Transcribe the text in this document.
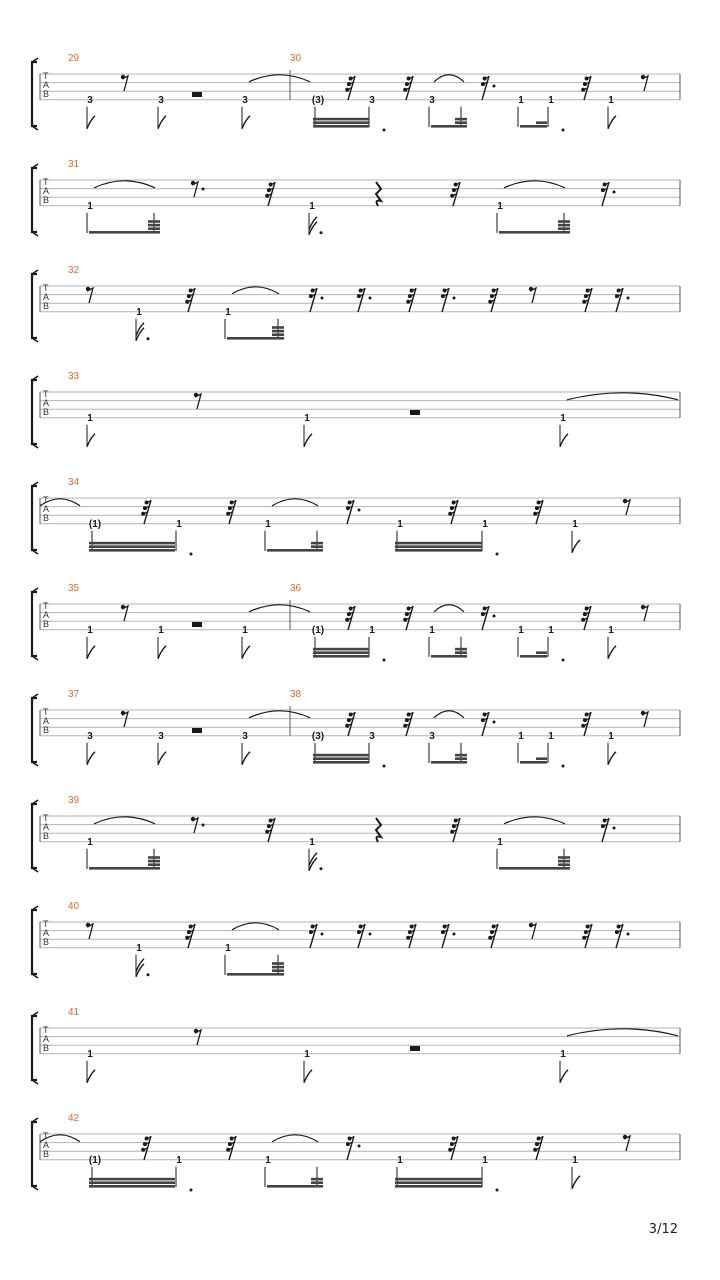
T
A
B
29	30
3	3	3	(3)	3	3	1 1	1
T
A
B
31
1	1	1
T
A
B
32
1	1
T
A
B
33
1	1	1
T
A
B
34
(1)	1	1	1	1	1
T
A
B
35	36
1	1	1	(1)	1	1	1 1	1
T
A
B
37	38
3	3	3	(3)	3	3	1 1	1
T
A
B
39
1	1	1
T
A
B
40
1	1
T
A
B
41
1	1	1
T
A
B
42
(1)	1	1	1	1	1
3/12
